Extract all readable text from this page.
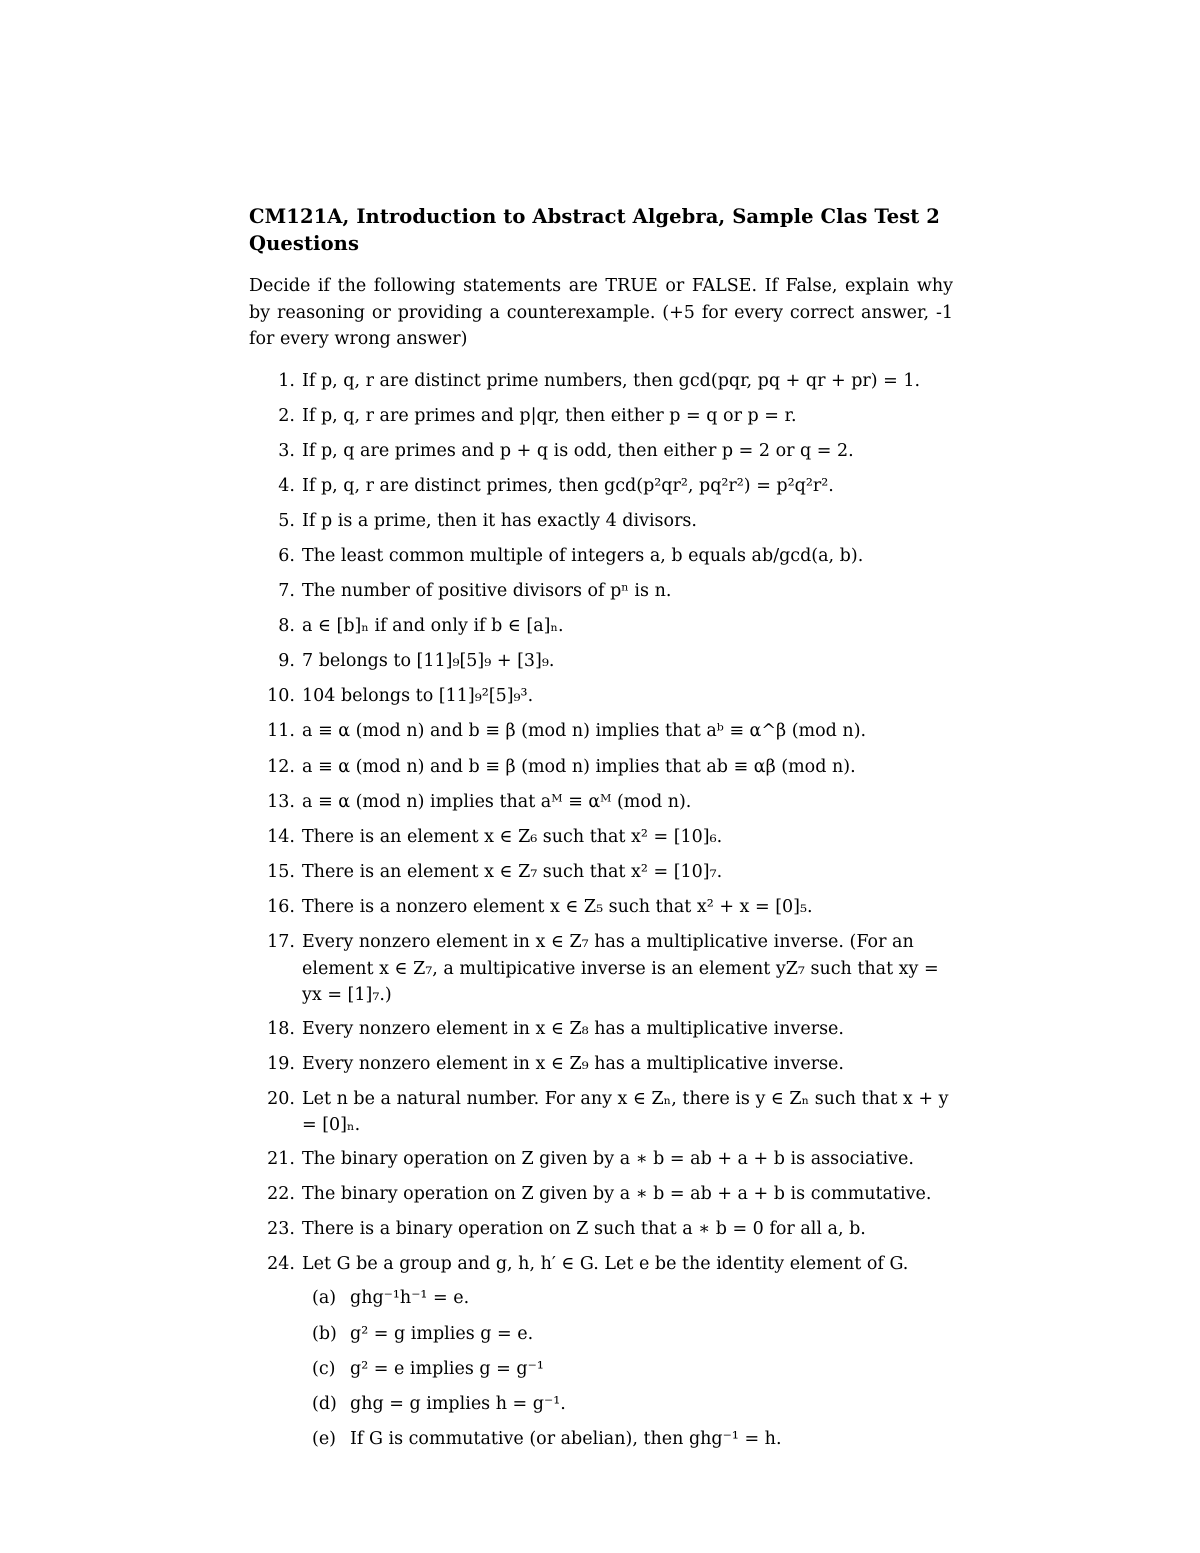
CM121A, Introduction to Abstract Algebra, Sample Clas Test 2 Questions

Decide if the following statements are TRUE or FALSE. If False, explain why by reasoning or providing a counterexample. (+5 for every correct answer, -1 for every wrong answer)

1. If p, q, r are distinct prime numbers, then gcd(pqr, pq + qr + pr) = 1.
2. If p, q, r are primes and p|qr, then either p = q or p = r.
3. If p, q are primes and p + q is odd, then either p = 2 or q = 2.
4. If p, q, r are distinct primes, then gcd(p²qr², pq²r²) = p²q²r².
5. If p is a prime, then it has exactly 4 divisors.
6. The least common multiple of integers a, b equals ab/gcd(a, b).
7. The number of positive divisors of pⁿ is n.
8. a ∈ [b]ₙ if and only if b ∈ [a]ₙ.
9. 7 belongs to [11]₉[5]₉ + [3]₉.
10. 104 belongs to [11]₉²[5]₉³.
11. a ≡ α (mod n) and b ≡ β (mod n) implies that aᵇ ≡ α^β (mod n).
12. a ≡ α (mod n) and b ≡ β (mod n) implies that ab ≡ αβ (mod n).
13. a ≡ α (mod n) implies that aᴹ ≡ αᴹ (mod n).
14. There is an element x ∈ Z₆ such that x² = [10]₆.
15. There is an element x ∈ Z₇ such that x² = [10]₇.
16. There is a nonzero element x ∈ Z₅ such that x² + x = [0]₅.
17. Every nonzero element in x ∈ Z₇ has a multiplicative inverse. (For an element x ∈ Z₇, a multipicative inverse is an element yZ₇ such that xy = yx = [1]₇.)
18. Every nonzero element in x ∈ Z₈ has a multiplicative inverse.
19. Every nonzero element in x ∈ Z₉ has a multiplicative inverse.
20. Let n be a natural number. For any x ∈ Zₙ, there is y ∈ Zₙ such that x + y = [0]ₙ.
21. The binary operation on Z given by a ∗ b = ab + a + b is associative.
22. The binary operation on Z given by a ∗ b = ab + a + b is commutative.
23. There is a binary operation on Z such that a ∗ b = 0 for all a, b.
24. Let G be a group and g, h, h′ ∈ G. Let e be the identity element of G.
(a) ghg⁻¹h⁻¹ = e.
(b) g² = g implies g = e.
(c) g² = e implies g = g⁻¹
(d) ghg = g implies h = g⁻¹.
(e) If G is commutative (or abelian), then ghg⁻¹ = h.
